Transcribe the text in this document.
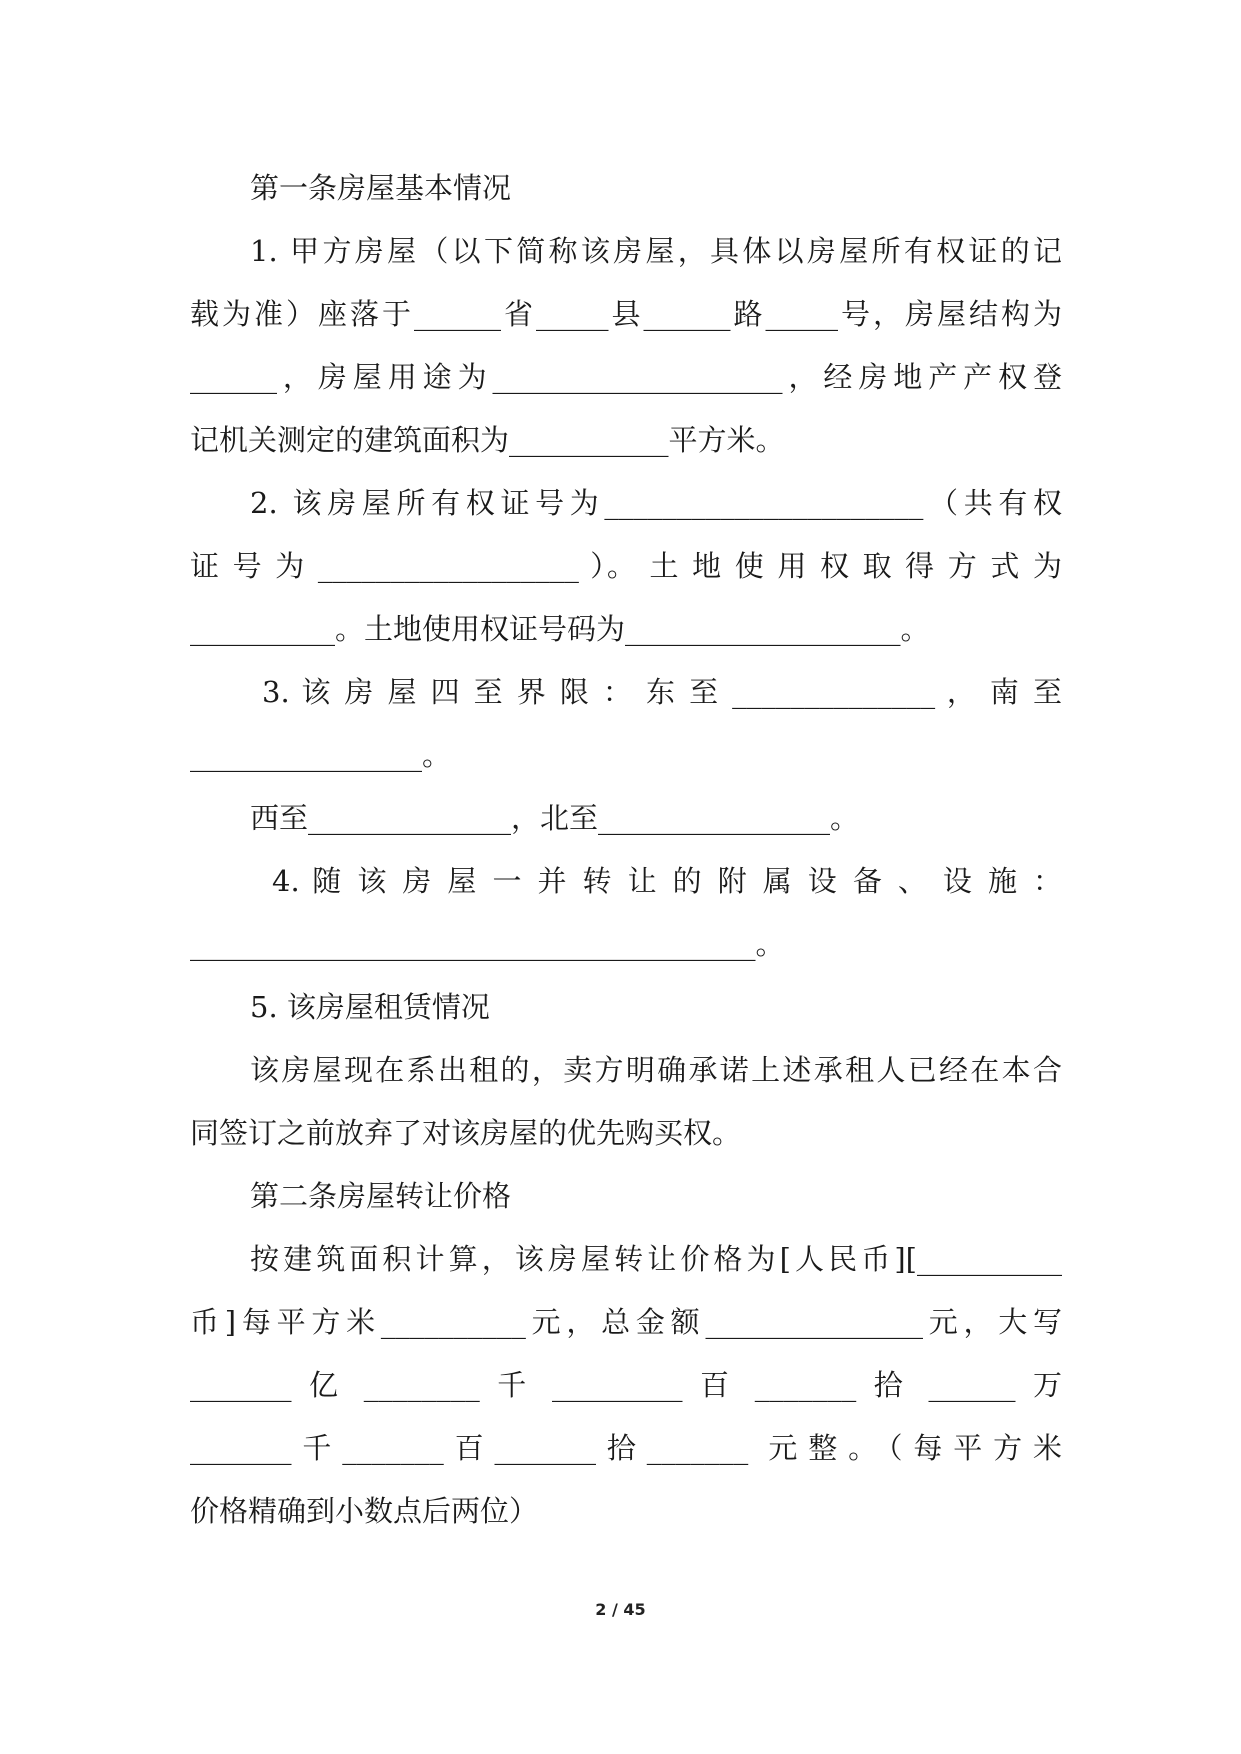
第一条房屋基本情况
1. 甲方房屋（以下简称该房屋，具体以房屋所有权证的记
载为准）座落于______省_____县______路_____号，房屋结构为
______，房屋用途为____________________，经房地产产权登
记机关测定的建筑面积为___________平方米。
2. 该房屋所有权证号为______________________（共有权
证 号 为 __________________ ）。 土 地 使 用 权 取 得 方 式 为
__________。土地使用权证号码为___________________。
3. 该 房 屋 四 至 界 限 ： 东 至 ______________ ， 南 至
________________。
西至______________，北至________________。
4. 随 该 房 屋 一 并 转 让 的 附 属 设 备 、 设 施 ：
_______________________________________。
5. 该房屋租赁情况
该房屋现在系出租的，卖方明确承诺上述承租人已经在本合
同签订之前放弃了对该房屋的优先购买权。
第二条房屋转让价格
按建筑面积计算，该房屋转让价格为[人民币][__________
币]每平方米__________元，总金额_______________元，大写
_______ 亿 ________ 千 _________ 百 _______ 拾 ______ 万
_______千_______百_______拾_______ 元整。（每平方米
价格精确到小数点后两位）
2 / 45
